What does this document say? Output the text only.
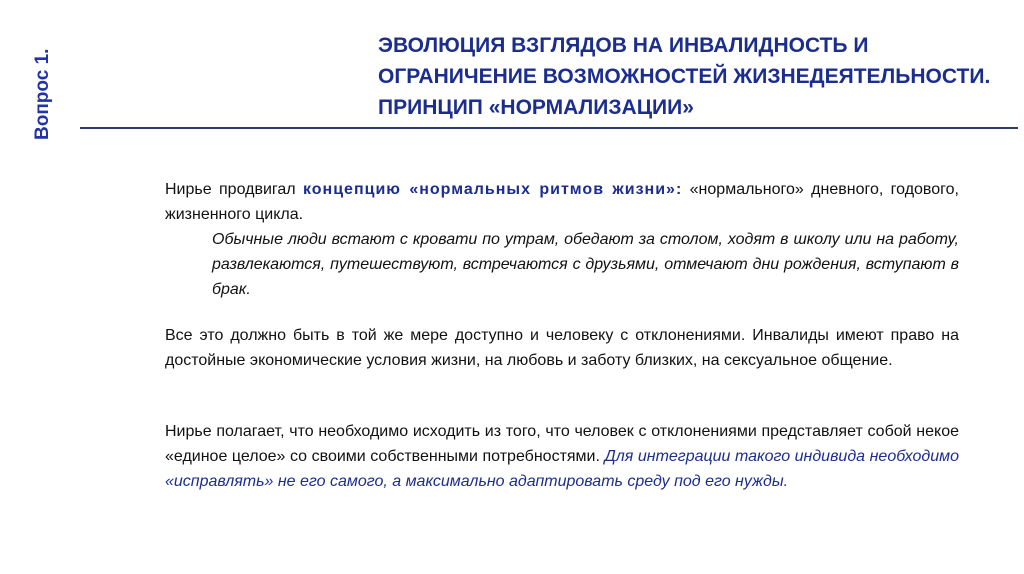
Вопрос 1.
ЭВОЛЮЦИЯ ВЗГЛЯДОВ НА ИНВАЛИДНОСТЬ И ОГРАНИЧЕНИЕ ВОЗМОЖНОСТЕЙ ЖИЗНЕДЕЯТЕЛЬНОСТИ. ПРИНЦИП «НОРМАЛИЗАЦИИ»
Нирье продвигал концепцию «нормальных ритмов жизни»: «нормального» дневного, годового, жизненного цикла.
Обычные люди встают с кровати по утрам, обедают за столом, ходят в школу или на работу, развлекаются, путешествуют, встречаются с друзьями, отмечают дни рождения, вступают в брак.
Все это должно быть в той же мере доступно и человеку с отклонениями. Инвалиды имеют право на достойные экономические условия жизни, на любовь и заботу близких, на сексуальное общение.
Нирье полагает, что необходимо исходить из того, что человек с отклонениями представляет собой некое «единое целое» со своими собственными потребностями. Для интеграции такого индивида необходимо «исправлять» не его самого, а максимально адаптировать среду под его нужды.
